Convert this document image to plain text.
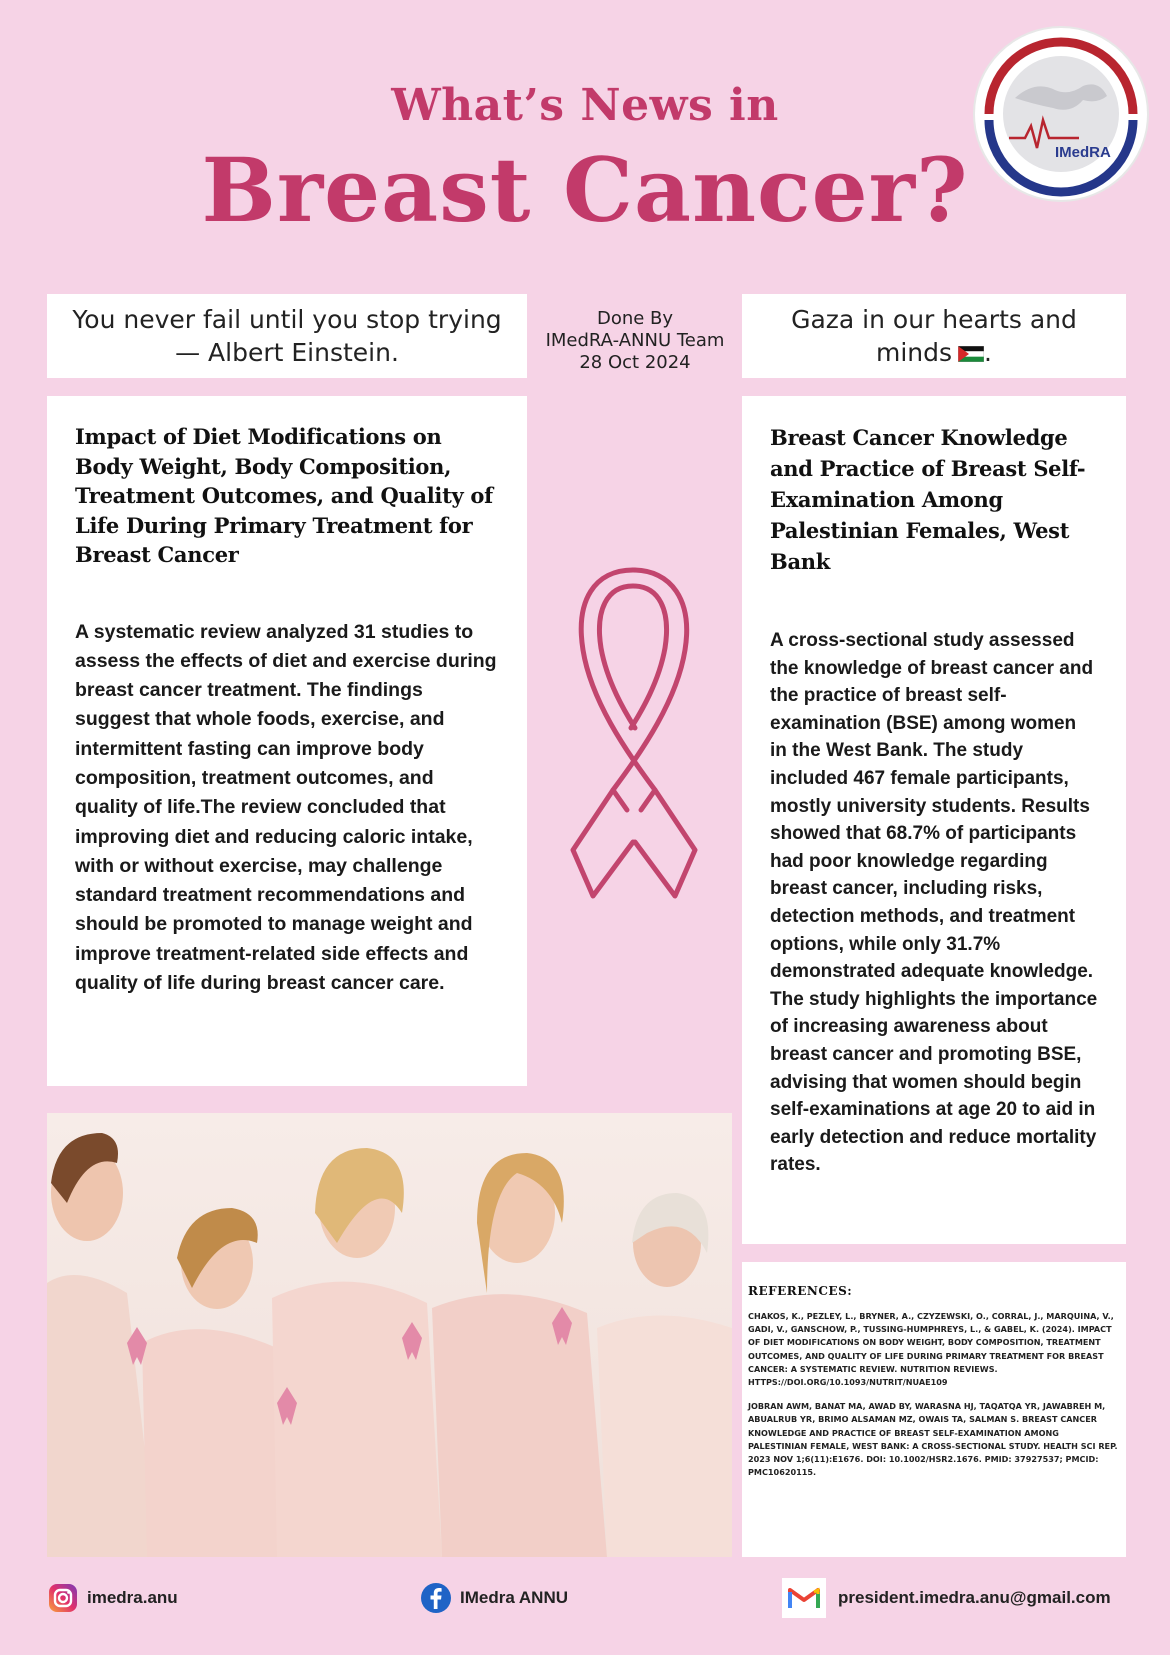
What’s News in
Breast Cancer?	IMedRA
You never fail until you stop trying — Albert Einstein.
Done By
IMedRA-ANNU Team
28 Oct 2024
Gaza in our hearts and minds .
Impact of Diet Modifications on Body Weight, Body Composition, Treatment Outcomes, and Quality of Life During Primary Treatment for Breast Cancer
A systematic review analyzed 31 studies to assess the effects of diet and exercise during breast cancer treatment. The findings suggest that whole foods, exercise, and intermittent fasting can improve body composition, treatment outcomes, and quality of life.The review concluded that improving diet and reducing caloric intake, with or without exercise, may challenge standard treatment recommendations and should be promoted to manage weight and improve treatment-related side effects and quality of life during breast cancer care.
Breast Cancer Knowledge and Practice of Breast Self-Examination Among Palestinian Females, West Bank
A cross-sectional study assessed the knowledge of breast cancer and the practice of breast self-examination (BSE) among women in the West Bank. The study included 467 female participants, mostly university students. Results showed that 68.7% of participants had poor knowledge regarding breast cancer, including risks, detection methods, and treatment options, while only 31.7% demonstrated adequate knowledge. The study highlights the importance of increasing awareness about breast cancer and promoting BSE, advising that women should begin self-examinations at age 20 to aid in early detection and reduce mortality rates.
REFERENCES:
CHAKOS, K., PEZLEY, L., BRYNER, A., CZYZEWSKI, O., CORRAL, J., MARQUINA, V., GADI, V., GANSCHOW, P., TUSSING-HUMPHREYS, L., & GABEL, K. (2024). IMPACT OF DIET MODIFICATIONS ON BODY WEIGHT, BODY COMPOSITION, TREATMENT OUTCOMES, AND QUALITY OF LIFE DURING PRIMARY TREATMENT FOR BREAST CANCER: A SYSTEMATIC REVIEW. NUTRITION REVIEWS. HTTPS://DOI.ORG/10.1093/NUTRIT/NUAE109
JOBRAN AWM, BANAT MA, AWAD BY, WARASNA HJ, TAQATQA YR, JAWABREH M, ABUALRUB YR, BRIMO ALSAMAN MZ, OWAIS TA, SALMAN S. BREAST CANCER KNOWLEDGE AND PRACTICE OF BREAST SELF-EXAMINATION AMONG PALESTINIAN FEMALE, WEST BANK: A CROSS-SECTIONAL STUDY. HEALTH SCI REP. 2023 NOV 1;6(11):E1676. DOI: 10.1002/HSR2.1676. PMID: 37927537; PMCID: PMC10620115.
imedra.anu	IMedra ANNU	president.imedra.anu@gmail.com
